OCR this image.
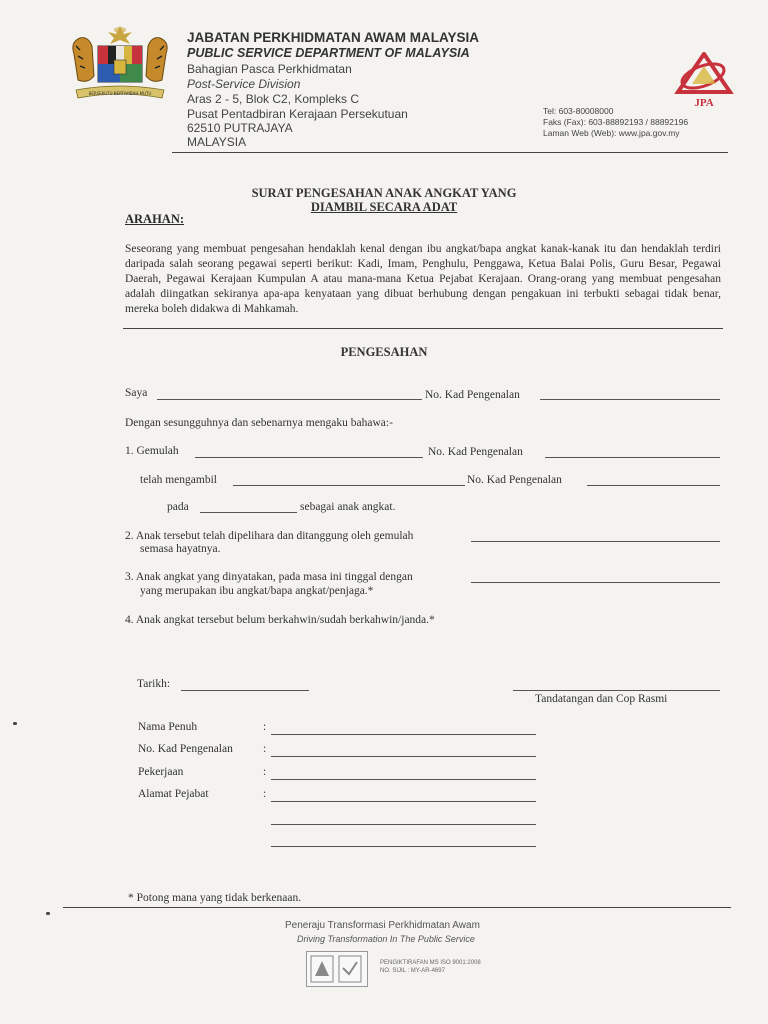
BERSEKUTU BERTAMBAH MUTU
JABATAN PERKHIDMATAN AWAM MALAYSIA
PUBLIC SERVICE DEPARTMENT OF MALAYSIA
Bahagian Pasca Perkhidmatan
Post-Service Division
Aras 2 - 5, Blok C2, Kompleks C
Pusat Pentadbiran Kerajaan Persekutuan
62510 PUTRAJAYA
MALAYSIA
JPA
Tel: 603-80008000
Faks (Fax): 603-88892193 / 88892196
Laman Web (Web): www.jpa.gov.my
SURAT PENGESAHAN ANAK ANGKAT YANG
DIAMBIL SECARA ADAT
ARAHAN:
Seseorang yang membuat pengesahan hendaklah kenal dengan ibu angkat/bapa angkat kanak-kanak itu dan hendaklah terdiri daripada salah seorang pegawai seperti berikut: Kadi, Imam, Penghulu, Penggawa, Ketua Balai Polis, Guru Besar, Pegawai Daerah, Pegawai Kerajaan Kumpulan A atau mana-mana Ketua Pejabat Kerajaan. Orang-orang yang membuat pengesahan adalah diingatkan sekiranya apa-apa kenyataan yang dibuat berhubung dengan pengakuan ini terbukti sebagai tidak benar, mereka boleh didakwa di Mahkamah.
PENGESAHAN
Saya	No. Kad Pengenalan
Dengan sesungguhnya dan sebenarnya mengaku bahawa:-
1. Gemulah	No. Kad Pengenalan
telah mengambil	No. Kad Pengenalan
pada	sebagai anak angkat.
2. Anak tersebut telah dipelihara dan ditanggung oleh gemulah
semasa hayatnya.
3. Anak angkat yang dinyatakan, pada masa ini tinggal dengan
yang merupakan ibu angkat/bapa angkat/penjaga.*
4. Anak angkat tersebut belum berkahwin/sudah berkahwin/janda.*
Tarikh:
Tandatangan dan Cop Rasmi
Nama Penuh	:
No. Kad Pengenalan	:
Pekerjaan	:
Alamat Pejabat	:
* Potong mana yang tidak berkenaan.
Peneraju Transformasi Perkhidmatan Awam
Driving Transformation In The Public Service
PENGIKTIRAFAN MS ISO 9001:2008
NO. SIJIL : MY-AR-4697
